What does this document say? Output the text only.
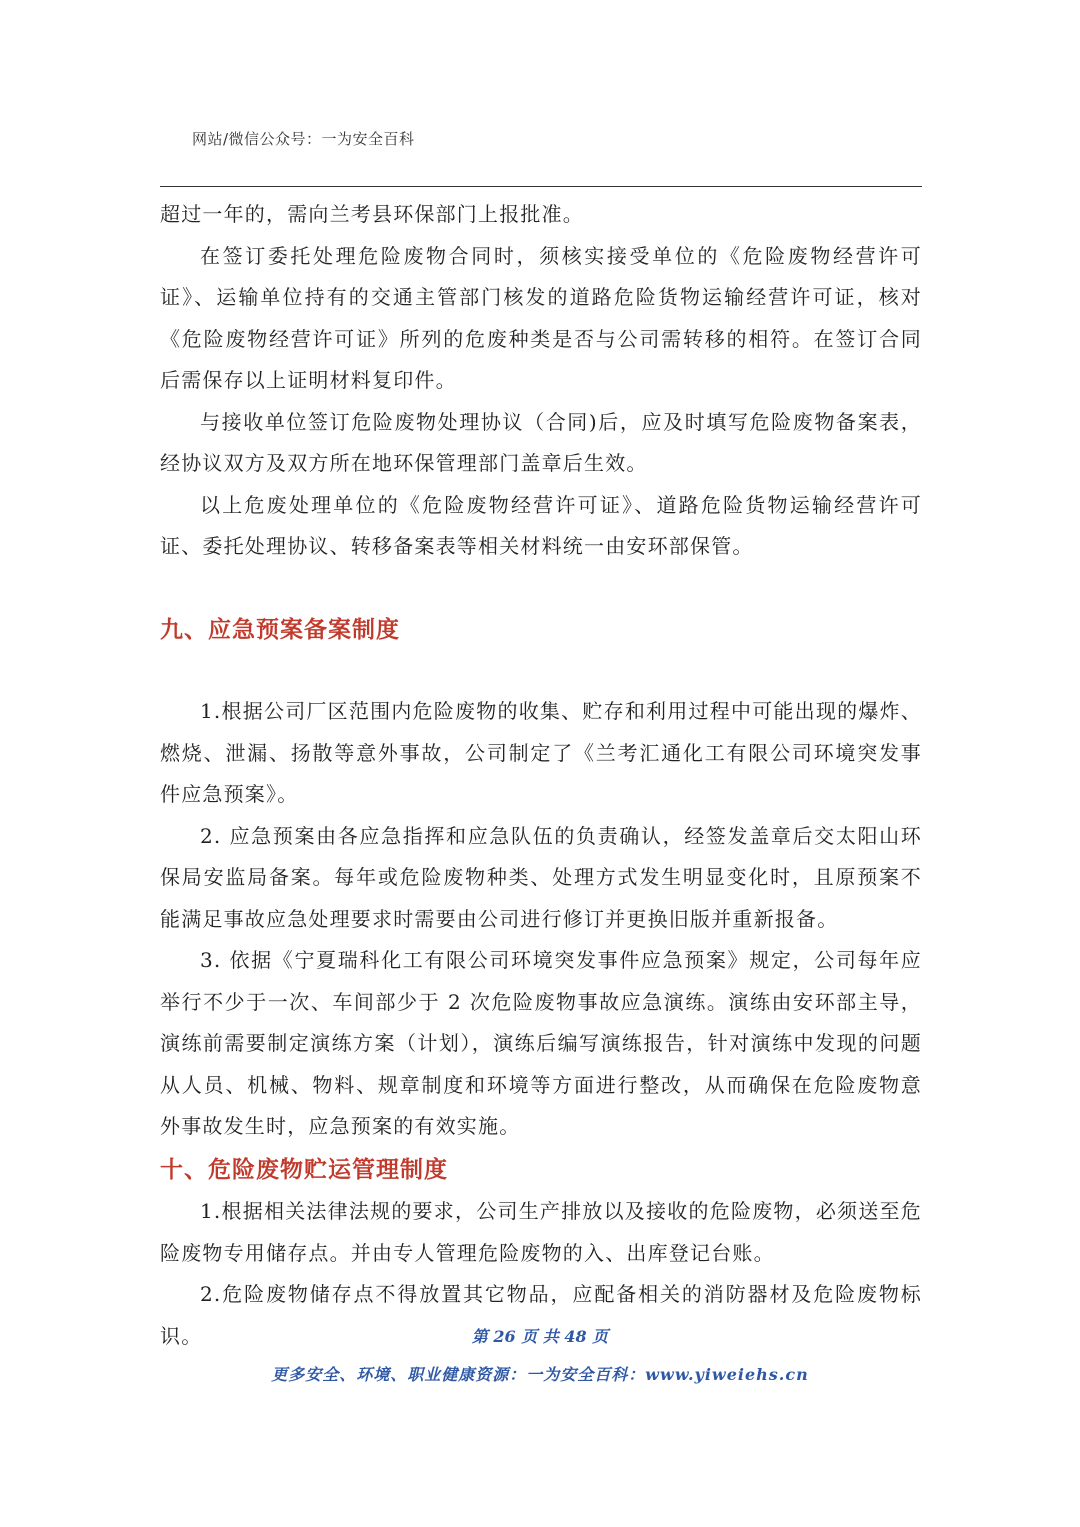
网站/微信公众号：一为安全百科

超过一年的，需向兰考县环保部门上报批准。

在签订委托处理危险废物合同时，须核实接受单位的《危险废物经营许可证》、运输单位持有的交通主管部门核发的道路危险货物运输经营许可证，核对《危险废物经营许可证》所列的危废种类是否与公司需转移的相符。在签订合同后需保存以上证明材料复印件。

与接收单位签订危险废物处理协议（合同)后，应及时填写危险废物备案表，经协议双方及双方所在地环保管理部门盖章后生效。

以上危废处理单位的《危险废物经营许可证》、道路危险货物运输经营许可证、委托处理协议、转移备案表等相关材料统一由安环部保管。

九、应急预案备案制度

1.根据公司厂区范围内危险废物的收集、贮存和利用过程中可能出现的爆炸、燃烧、泄漏、扬散等意外事故，公司制定了《兰考汇通化工有限公司环境突发事件应急预案》。

2. 应急预案由各应急指挥和应急队伍的负责确认，经签发盖章后交太阳山环保局安监局备案。每年或危险废物种类、处理方式发生明显变化时，且原预案不能满足事故应急处理要求时需要由公司进行修订并更换旧版并重新报备。

3. 依据《宁夏瑞科化工有限公司环境突发事件应急预案》规定，公司每年应举行不少于一次、车间部少于 2 次危险废物事故应急演练。演练由安环部主导，演练前需要制定演练方案（计划），演练后编写演练报告，针对演练中发现的问题从人员、机械、物料、规章制度和环境等方面进行整改，从而确保在危险废物意外事故发生时，应急预案的有效实施。

十、危险废物贮运管理制度

1.根据相关法律法规的要求，公司生产排放以及接收的危险废物，必须送至危险废物专用储存点。并由专人管理危险废物的入、出库登记台账。

2.危险废物储存点不得放置其它物品，应配备相关的消防器材及危险废物标识。	第 26 页 共 48 页
更多安全、环境、职业健康资源：一为安全百科：www.yiweiehs.cn
